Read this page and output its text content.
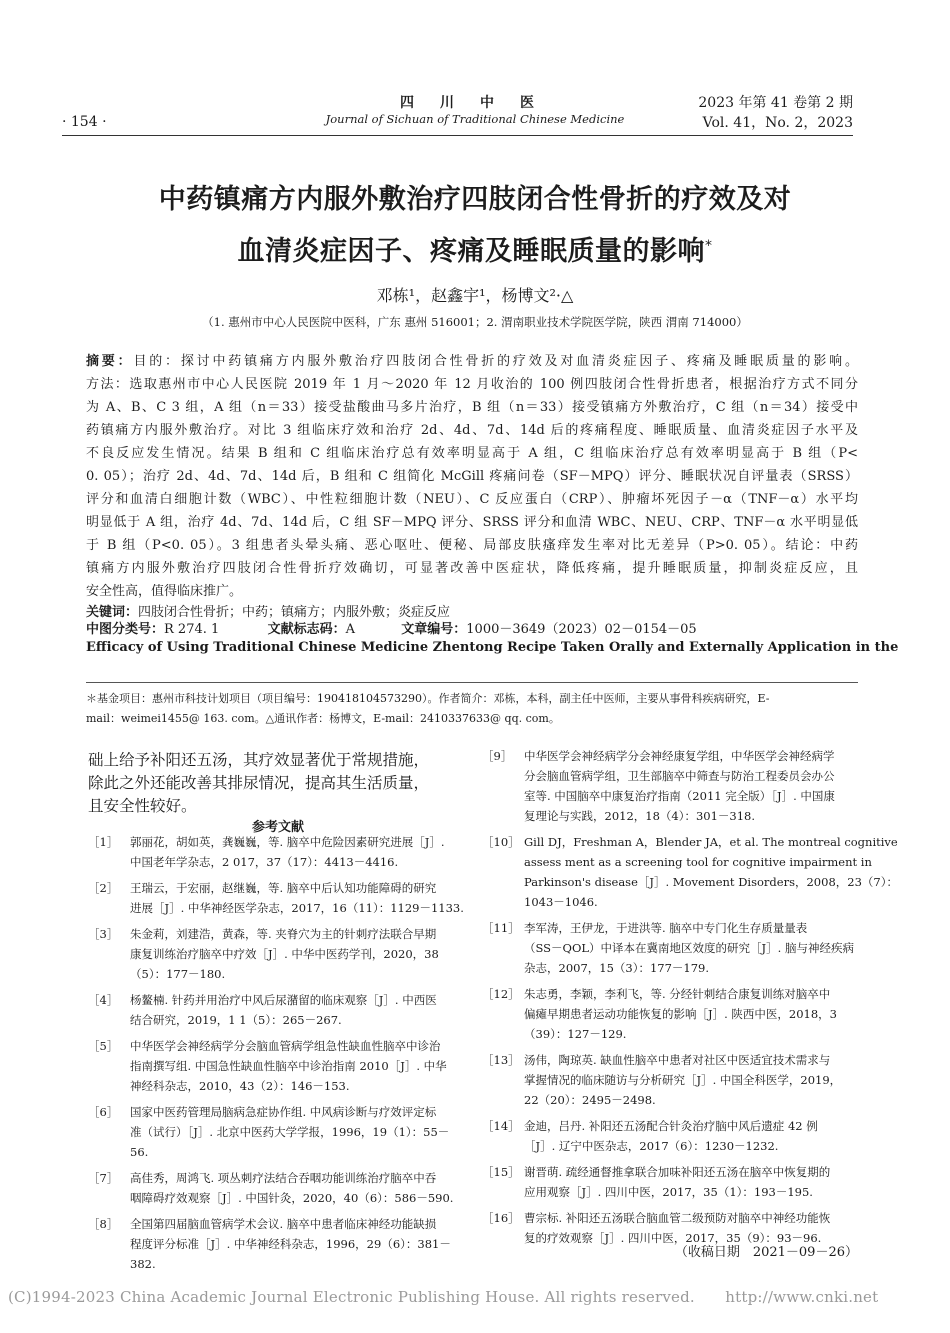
· 154 ·
四川中医
Journal of Sichuan of Traditional Chinese Medicine
2023 年第 41 卷第 2 期
Vol. 41，No. 2，2023
中药镇痛方内服外敷治疗四肢闭合性骨折的疗效及对
血清炎症因子、疼痛及睡眠质量的影响*
邓栋¹，赵鑫宇¹，杨博文²·△
（1. 惠州市中心人民医院中医科，广东 惠州 516001；2. 渭南职业技术学院医学院，陕西 渭南 714000）
摘要：目的：探讨中药镇痛方内服外敷治疗四肢闭合性骨折的疗效及对血清炎症因子、疼痛及睡眠质量的影响。
方法：选取惠州市中心人民医院 2019 年 1 月～2020 年 12 月收治的 100 例四肢闭合性骨折患者，根据治疗方式不同分
为 A、B、C 3 组，A 组（n＝33）接受盐酸曲马多片治疗，B 组（n＝33）接受镇痛方外敷治疗，C 组（n＝34）接受中
药镇痛方内服外敷治疗。对比 3 组临床疗效和治疗 2d、4d、7d、14d 后的疼痛程度、睡眠质量、血清炎症因子水平及
不良反应发生情况。结果 B 组和 C 组临床治疗总有效率明显高于 A 组，C 组临床治疗总有效率明显高于 B 组（P<
0. 05）；治疗 2d、4d、7d、14d 后，B 组和 C 组简化 McGill 疼痛问卷（SF－MPQ）评分、睡眠状况自评量表（SRSS）
评分和血清白细胞计数（WBC）、中性粒细胞计数（NEU）、C 反应蛋白（CRP）、肿瘤坏死因子－α（TNF－α）水平均
明显低于 A 组，治疗 4d、7d、14d 后，C 组 SF－MPQ 评分、SRSS 评分和血清 WBC、NEU、CRP、TNF－α 水平明显低
于 B 组（P<0. 05）。3 组患者头晕头痛、恶心呕吐、便秘、局部皮肤瘙痒发生率对比无差异（P>0. 05）。结论：中药
镇痛方内服外敷治疗四肢闭合性骨折疗效确切，可显著改善中医症状，降低疼痛，提升睡眠质量，抑制炎症反应，且
安全性高，值得临床推广。
关键词：四肢闭合性骨折；中药；镇痛方；内服外敷；炎症反应
中图分类号：R 274. 1	文献标志码：A	文章编号：1000－3649（2023）02－0154－05
Efficacy of Using Traditional Chinese Medicine Zhentong Recipe Taken Orally and Externally Application in the
＊基金项目：惠州市科技计划项目（项目编号：190418104573290）。作者简介：邓栋，本科，副主任中医师，主要从事骨科疾病研究，E-
mail：weimei1455@ 163. com。△通讯作者：杨博文，E-mail：2410337633@ qq. com。
础上给予补阳还五汤，其疗效显著优于常规措施，
除此之外还能改善其排尿情况，提高其生活质量，
且安全性较好。
参考文献
［1］ 郭丽花，胡如英，龚巍巍，等. 脑卒中危险因素研究进展［J］.
中国老年学杂志，2 017，37（17）：4413－4416.
［2］ 王瑞云，于宏丽，赵继巍，等. 脑卒中后认知功能障碍的研究
进展［J］. 中华神经医学杂志，2017，16（11）：1129－1133.
［3］ 朱金莉，刘建浩，黄森，等. 夹脊穴为主的针刺疗法联合早期
康复训练治疗脑卒中疗效［J］. 中华中医药学刊，2020，38
（5）：177－180.
［4］ 杨鳌楠. 针药并用治疗中风后尿潴留的临床观察［J］. 中西医
结合研究，2019，1 1（5）：265－267.
［5］ 中华医学会神经病学分会脑血管病学组急性缺血性脑卒中诊治
指南撰写组. 中国急性缺血性脑卒中诊治指南 2010［J］. 中华
神经科杂志，2010，43（2）：146－153.
［6］ 国家中医药管理局脑病急症协作组. 中风病诊断与疗效评定标
准（试行）［J］. 北京中医药大学学报，1996，19（1）：55－
56.
［7］ 高佳秀，周鸿飞. 项丛刺疗法结合吞咽功能训练治疗脑卒中吞
咽障碍疗效观察［J］. 中国针灸，2020，40（6）：586－590.
［8］ 全国第四届脑血管病学术会议. 脑卒中患者临床神经功能缺损
程度评分标准［J］. 中华神经科杂志，1996，29（6）：381－
382.
［9］ 中华医学会神经病学分会神经康复学组，中华医学会神经病学
分会脑血管病学组，卫生部脑卒中筛查与防治工程委员会办公
室等. 中国脑卒中康复治疗指南（2011 完全版）［J］. 中国康
复理论与实践，2012，18（4）：301－318.
［10］ Gill DJ，Freshman A，Blender JA，et al. The montreal cognitive
assess ment as a screening tool for cognitive impairment in
Parkinson's disease［J］. Movement Disorders，2008，23（7）：
1043－1046.
［11］ 李军涛，王伊龙，于进洪等. 脑卒中专门化生存质量量表
（SS－QOL）中译本在冀南地区效度的研究［J］. 脑与神经疾病
杂志，2007，15（3）：177－179.
［12］ 朱志勇，李颖，李利飞，等. 分经针刺结合康复训练对脑卒中
偏瘫早期患者运动功能恢复的影响［J］. 陕西中医，2018，3
（39）：127－129.
［13］ 汤伟，陶琼英. 缺血性脑卒中患者对社区中医适宜技术需求与
掌握情况的临床随访与分析研究［J］. 中国全科医学，2019，
22（20）：2495－2498.
［14］ 金迪，吕丹. 补阳还五汤配合针灸治疗脑中风后遗症 42 例
［J］. 辽宁中医杂志，2017（6）：1230－1232.
［15］ 谢晋萌. 疏经通督推拿联合加味补阳还五汤在脑卒中恢复期的
应用观察［J］. 四川中医，2017，35（1）：193－195.
［16］ 曹宗标. 补阳还五汤联合脑血管二级预防对脑卒中神经功能恢
复的疗效观察［J］. 四川中医，2017，35（9）：93－96.
（收稿日期　2021－09－26）
(C)1994-2023 China Academic Journal Electronic Publishing House. All rights reserved.　　http://www.cnki.net
